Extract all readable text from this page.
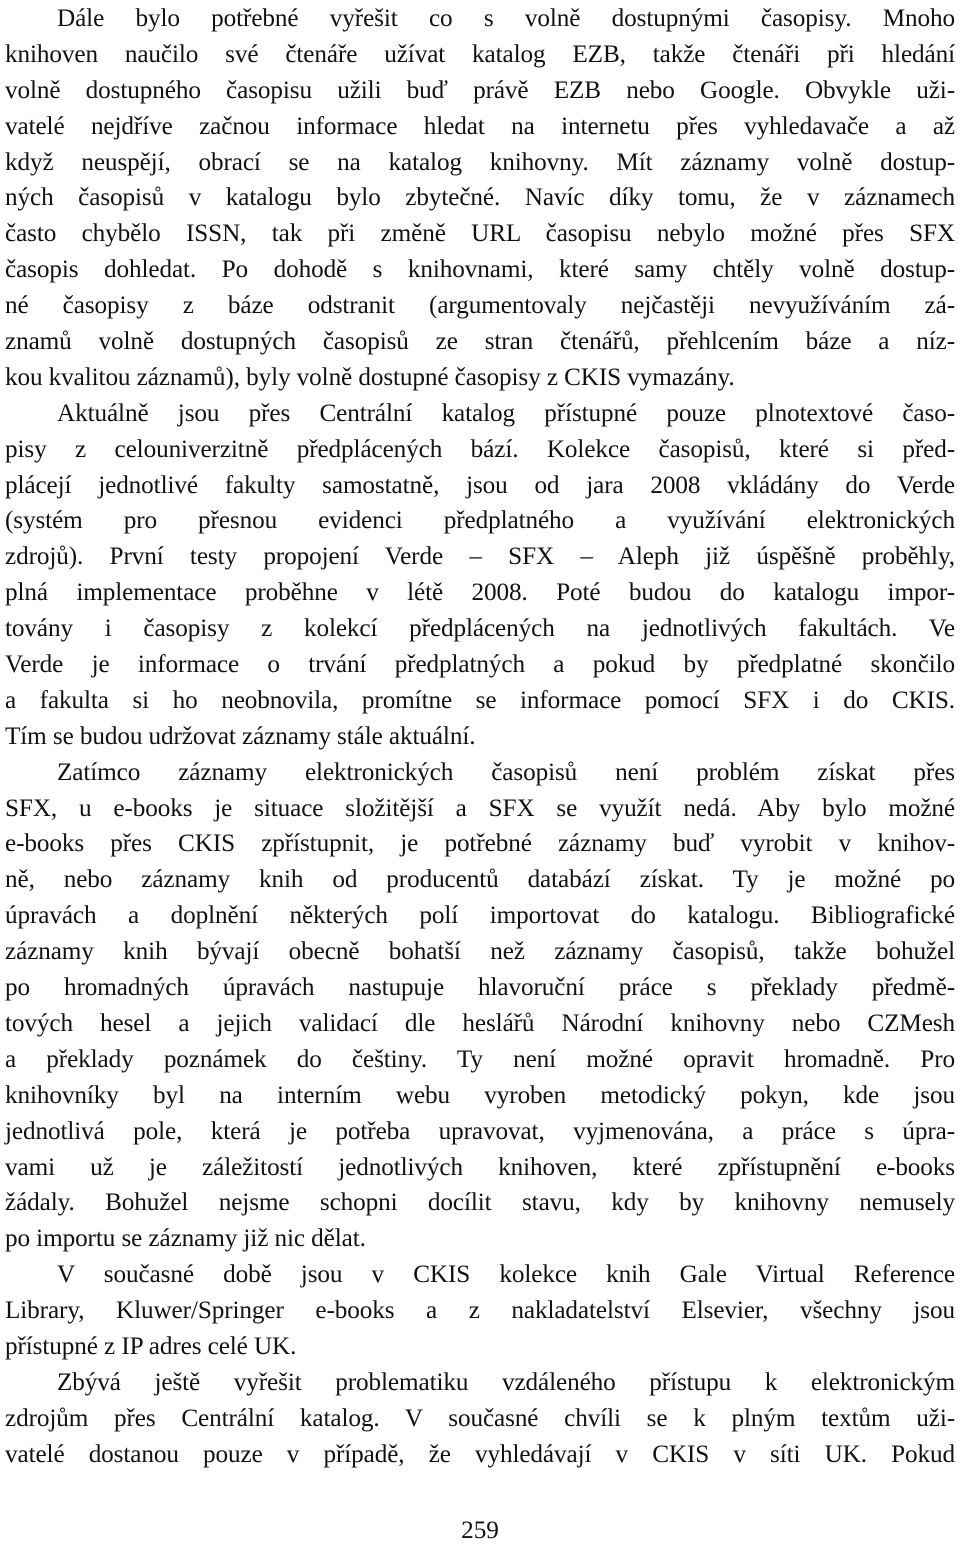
Dále bylo potřebné vyřešit co s volně dostupnými časopisy. Mnoho
knihoven naučilo své čtenáře užívat katalog EZB, takže čtenáři při hledání
volně dostupného časopisu užili buď právě EZB nebo Google. Obvykle uži-
vatelé nejdříve začnou informace hledat na internetu přes vyhledavače a až
když neuspějí, obrací se na katalog knihovny. Mít záznamy volně dostup-
ných časopisů v katalogu bylo zbytečné. Navíc díky tomu, že v záznamech
často chybělo ISSN, tak při změně URL časopisu nebylo možné přes SFX
časopis dohledat. Po dohodě s knihovnami, které samy chtěly volně dostup-
né časopisy z báze odstranit (argumentovaly nejčastěji nevyužíváním zá-
znamů volně dostupných časopisů ze stran čtenářů, přehlcením báze a níz-
kou kvalitou záznamů), byly volně dostupné časopisy z CKIS vymazány.
Aktuálně jsou přes Centrální katalog přístupné pouze plnotextové časo-
pisy z celouniverzitně předplácených bází. Kolekce časopisů, které si před-
plácejí jednotlivé fakulty samostatně, jsou od jara 2008 vkládány do Verde
(systém pro přesnou evidenci předplatného a využívání elektronických
zdrojů). První testy propojení Verde – SFX – Aleph již úspěšně proběhly,
plná implementace proběhne v létě 2008. Poté budou do katalogu impor-
továny i časopisy z kolekcí předplácených na jednotlivých fakultách. Ve
Verde je informace o trvání předplatných a pokud by předplatné skončilo
a fakulta si ho neobnovila, promítne se informace pomocí SFX i do CKIS.
Tím se budou udržovat záznamy stále aktuální.
Zatímco záznamy elektronických časopisů není problém získat přes
SFX, u e-books je situace složitější a SFX se využít nedá. Aby bylo možné
e-books přes CKIS zpřístupnit, je potřebné záznamy buď vyrobit v knihov-
ně, nebo záznamy knih od producentů databází získat. Ty je možné po
úpravách a doplnění některých polí importovat do katalogu. Bibliografické
záznamy knih bývají obecně bohatší než záznamy časopisů, takže bohužel
po hromadných úpravách nastupuje hlavoruční práce s překlady předmě-
tových hesel a jejich validací dle heslářů Národní knihovny nebo CZMesh
a překlady poznámek do češtiny. Ty není možné opravit hromadně. Pro
knihovníky byl na interním webu vyroben metodický pokyn, kde jsou
jednotlivá pole, která je potřeba upravovat, vyjmenována, a práce s úpra-
vami už je záležitostí jednotlivých knihoven, které zpřístupnění e-books
žádaly. Bohužel nejsme schopni docílit stavu, kdy by knihovny nemusely
po importu se záznamy již nic dělat.
V současné době jsou v CKIS kolekce knih Gale Virtual Reference
Library, Kluwer/Springer e-books a z nakladatelství Elsevier, všechny jsou
přístupné z IP adres celé UK.
Zbývá ještě vyřešit problematiku vzdáleného přístupu k elektronickým
zdrojům přes Centrální katalog. V současné chvíli se k plným textům uži-
vatelé dostanou pouze v případě, že vyhledávají v CKIS v síti UK. Pokud
259
